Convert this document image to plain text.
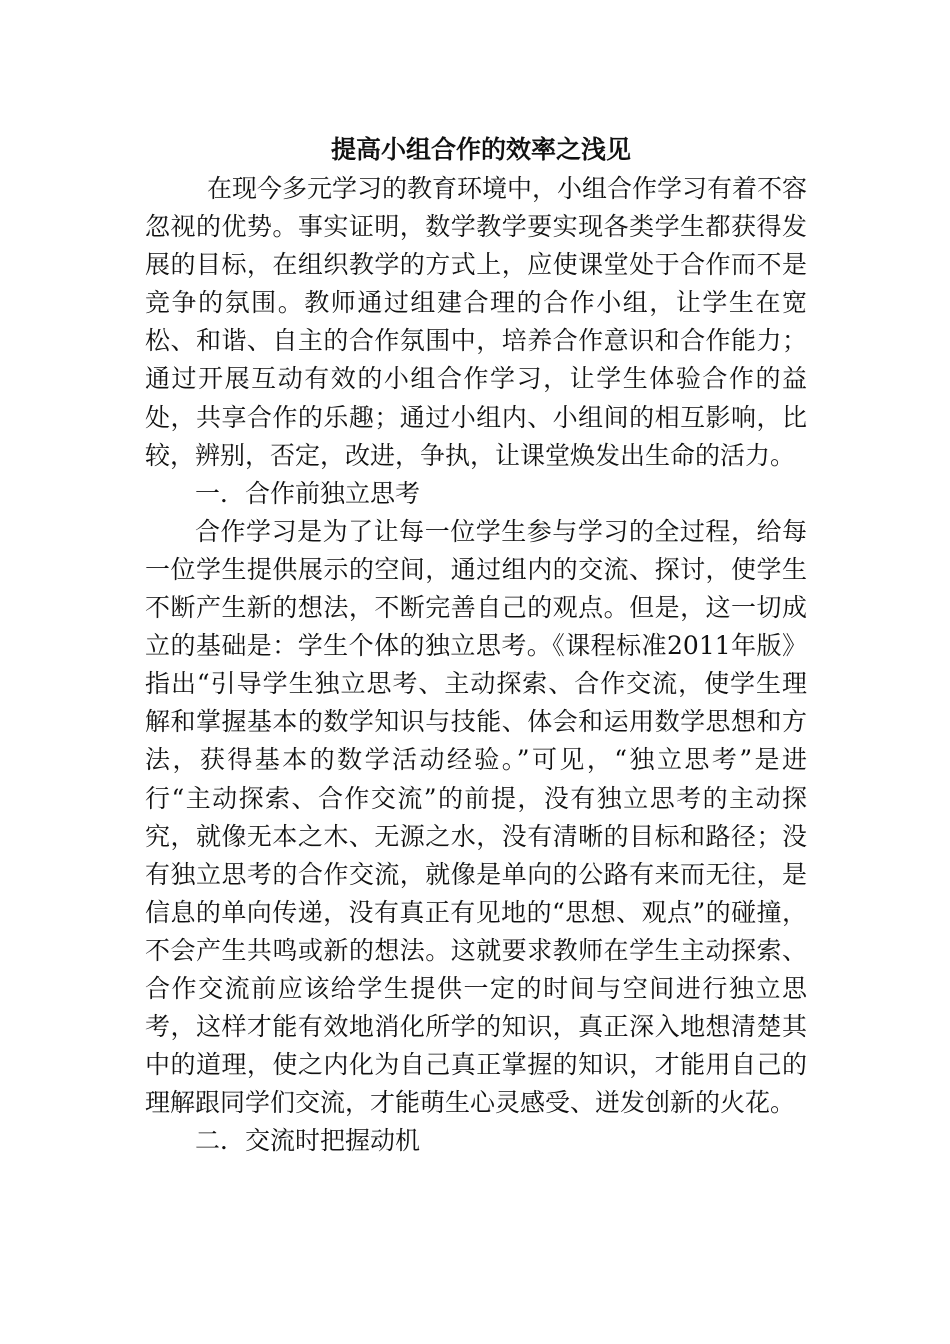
提高小组合作的效率之浅见

在现今多元学习的教育环境中，小组合作学习有着不容忽视的优势。事实证明，数学教学要实现各类学生都获得发展的目标，在组织教学的方式上，应使课堂处于合作而不是竞争的氛围。教师通过组建合理的合作小组，让学生在宽松、和谐、自主的合作氛围中，培养合作意识和合作能力；通过开展互动有效的小组合作学习，让学生体验合作的益处，共享合作的乐趣；通过小组内、小组间的相互影响，比较，辨别，否定，改进，争执，让课堂焕发出生命的活力。

一．合作前独立思考

合作学习是为了让每一位学生参与学习的全过程，给每一位学生提供展示的空间，通过组内的交流、探讨，使学生不断产生新的想法，不断完善自己的观点。但是，这一切成立的基础是：学生个体的独立思考。《课程标准2011年版》指出“引导学生独立思考、主动探索、合作交流，使学生理解和掌握基本的数学知识与技能、体会和运用数学思想和方法，获得基本的数学活动经验。”可见，“独立思考”是进行“主动探索、合作交流”的前提，没有独立思考的主动探究，就像无本之木、无源之水，没有清晰的目标和路径；没有独立思考的合作交流，就像是单向的公路有来而无往，是信息的单向传递，没有真正有见地的“思想、观点”的碰撞，不会产生共鸣或新的想法。这就要求教师在学生主动探索、合作交流前应该给学生提供一定的时间与空间进行独立思考，这样才能有效地消化所学的知识，真正深入地想清楚其中的道理，使之内化为自己真正掌握的知识，才能用自己的理解跟同学们交流，才能萌生心灵感受、迸发创新的火花。

二．交流时把握动机
